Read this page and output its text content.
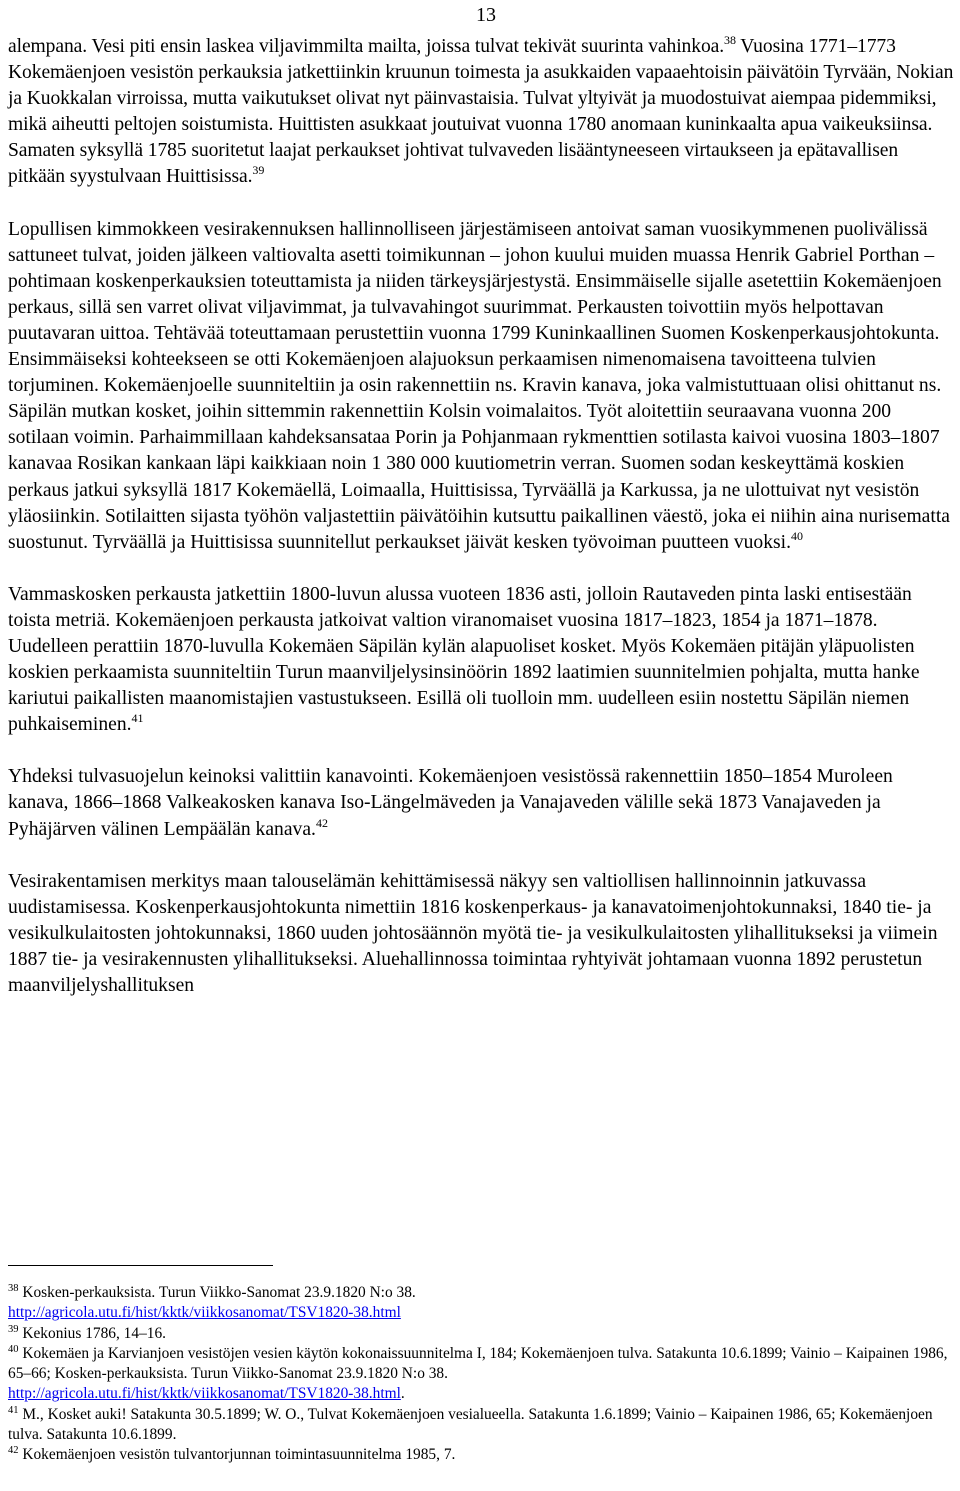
13

alempana. Vesi piti ensin laskea viljavimmilta mailta, joissa tulvat tekivät suurinta vahinkoa.$^{38}$ Vuosina 1771–1773 Kokemäenjoen vesistön perkauksia jatkettiinkin kruunun toimesta ja asukkaiden vapaaehtoisin päivätöin Tyrvään, Nokian ja Kuokkalan virroissa, mutta vaikutukset olivat nyt päinvastaisia. Tulvat yltyivät ja muodostuivat aiempaa pidemmiksi, mikä aiheutti peltojen soistumista. Huittisten asukkaat joutuivat vuonna 1780 anomaan kuninkaalta apua vaikeuksiinsa. Samaten syksyllä 1785 suoritetut laajat perkaukset johtivat tulvaveden lisääntyneeseen virtaukseen ja epätavallisen pitkään syystulvaan Huittisissa.$^{39}$

Lopullisen kimmokkeen vesirakennuksen hallinnolliseen järjestämiseen antoivat saman vuosikymmenen puolivälissä sattuneet tulvat, joiden jälkeen valtiovalta asetti toimikunnan – johon kuului muiden muassa Henrik Gabriel Porthan – pohtimaan koskenperkauksien toteuttamista ja niiden tärkeysjärjestystä. Ensimmäiselle sijalle asetettiin Kokemäenjoen perkaus, sillä sen varret olivat viljavimmat, ja tulvavahingot suurimmat. Perkausten toivottiin myös helpottavan puutavaran uittoa. Tehtävää toteuttamaan perustettiin vuonna 1799 Kuninkaallinen Suomen Koskenperkausjohtokunta. Ensimmäiseksi kohteekseen se otti Kokemäenjoen alajuoksun perkaamisen nimenomaisena tavoitteena tulvien torjuminen. Kokemäenjoelle suunniteltiin ja osin rakennettiin ns. Kravin kanava, joka valmistuttuaan olisi ohittanut ns. Säpilän mutkan kosket, joihin sittemmin rakennettiin Kolsin voimalaitos. Työt aloitettiin seuraavana vuonna 200 sotilaan voimin. Parhaimmillaan kahdeksansataa Porin ja Pohjanmaan rykmenttien sotilasta kaivoi vuosina 1803–1807 kanavaa Rosikan kankaan läpi kaikkiaan noin 1 380 000 kuutiometrin verran. Suomen sodan keskeyttämä koskien perkaus jatkui syksyllä 1817 Kokemäellä, Loimaalla, Huittisissa, Tyrväällä ja Karkussa, ja ne ulottuivat nyt vesistön yläosiinkin. Sotilaitten sijasta työhön valjastettiin päivätöihin kutsuttu paikallinen väestö, joka ei niihin aina nurisematta suostunut. Tyrväällä ja Huittisissa suunnitellut perkaukset jäivät kesken työvoiman puutteen vuoksi.$^{40}$

Vammaskosken perkausta jatkettiin 1800-luvun alussa vuoteen 1836 asti, jolloin Rautaveden pinta laski entisestään toista metriä. Kokemäenjoen perkausta jatkoivat valtion viranomaiset vuosina 1817–1823, 1854 ja 1871–1878. Uudelleen perattiin 1870-luvulla Kokemäen Säpilän kylän alapuoliset kosket. Myös Kokemäen pitäjän yläpuolisten koskien perkaamista suunniteltiin Turun maanviljelysinsinöörin 1892 laatimien suunnitelmien pohjalta, mutta hanke kariutui paikallisten maanomistajien vastustukseen. Esillä oli tuolloin mm. uudelleen esiin nostettu Säpilän niemen puhkaiseminen.$^{41}$

Yhdeksi tulvasuojelun keinoksi valittiin kanavointi. Kokemäenjoen vesistössä rakennettiin 1850–1854 Muroleen kanava, 1866–1868 Valkeakosken kanava Iso-Längelmäveden ja Vanajaveden välille sekä 1873 Vanajaveden ja Pyhäjärven välinen Lempäälän kanava.$^{42}$

Vesirakentamisen merkitys maan talouselämän kehittämisessä näkyy sen valtiollisen hallinnoinnin jatkuvassa uudistamisessa. Koskenperkausjohtokunta nimettiin 1816 koskenperkaus- ja kanavatoimenjohtokunnaksi, 1840 tie- ja vesikulkulaitosten johtokunnaksi, 1860 uuden johtosäännön myötä tie- ja vesikulkulaitosten ylihallitukseksi ja viimein 1887 tie- ja vesirakennusten ylihallitukseksi. Aluehallinnossa toimintaa ryhtyivät johtamaan vuonna 1892 perustetun maanviljelyshallituksen

$^{38}$ Kosken-perkauksista. Turun Viikko-Sanomat 23.9.1820 N:o 38.
http://agricola.utu.fi/hist/kktk/viikkosanomat/TSV1820-38.html

$^{39}$ Kekonius 1786, 14–16.

$^{40}$ Kokemäen ja Karvianjoen vesistöjen vesien käytön kokonaissuunnitelma I, 184; Kokemäenjoen tulva. Satakunta 10.6.1899; Vainio – Kaipainen 1986, 65–66; Kosken-perkauksista. Turun Viikko-Sanomat 23.9.1820 N:o 38.
http://agricola.utu.fi/hist/kktk/viikkosanomat/TSV1820-38.html.

$^{41}$ M., Kosket auki! Satakunta 30.5.1899; W. O., Tulvat Kokemäenjoen vesialueella. Satakunta 1.6.1899; Vainio – Kaipainen 1986, 65; Kokemäenjoen tulva. Satakunta 10.6.1899.

$^{42}$ Kokemäenjoen vesistön tulvantorjunnan toimintasuunnitelma 1985, 7.
